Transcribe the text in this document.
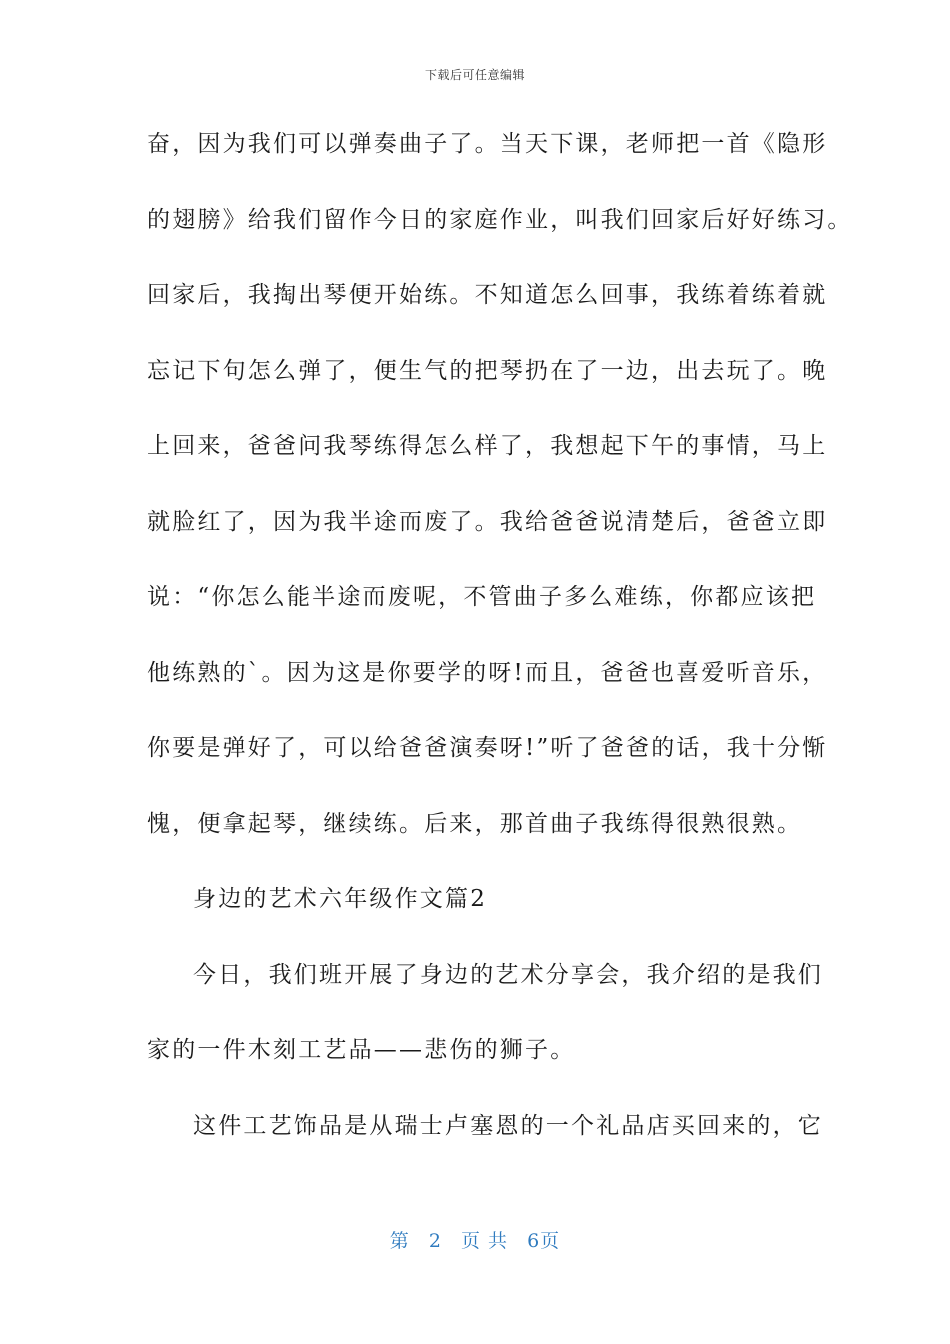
下载后可任意编辑
奋，因为我们可以弹奏曲子了。当天下课，老师把一首《隐形
的翅膀》给我们留作今日的家庭作业，叫我们回家后好好练习。
回家后，我掏出琴便开始练。不知道怎么回事，我练着练着就
忘记下句怎么弹了，便生气的把琴扔在了一边，出去玩了。晚
上回来，爸爸问我琴练得怎么样了，我想起下午的事情，马上
就脸红了，因为我半途而废了。我给爸爸说清楚后，爸爸立即
说：“你怎么能半途而废呢，不管曲子多么难练，你都应该把
他练熟的`。因为这是你要学的呀!而且，爸爸也喜爱听音乐，
你要是弹好了，可以给爸爸演奏呀!”听了爸爸的话，我十分惭
愧，便拿起琴，继续练。后来，那首曲子我练得很熟很熟。
身边的艺术六年级作文篇2
今日，我们班开展了身边的艺术分享会，我介绍的是我们
家的一件木刻工艺品——悲伤的狮子。
这件工艺饰品是从瑞士卢塞恩的一个礼品店买回来的，它
第 2 页 共 6页
